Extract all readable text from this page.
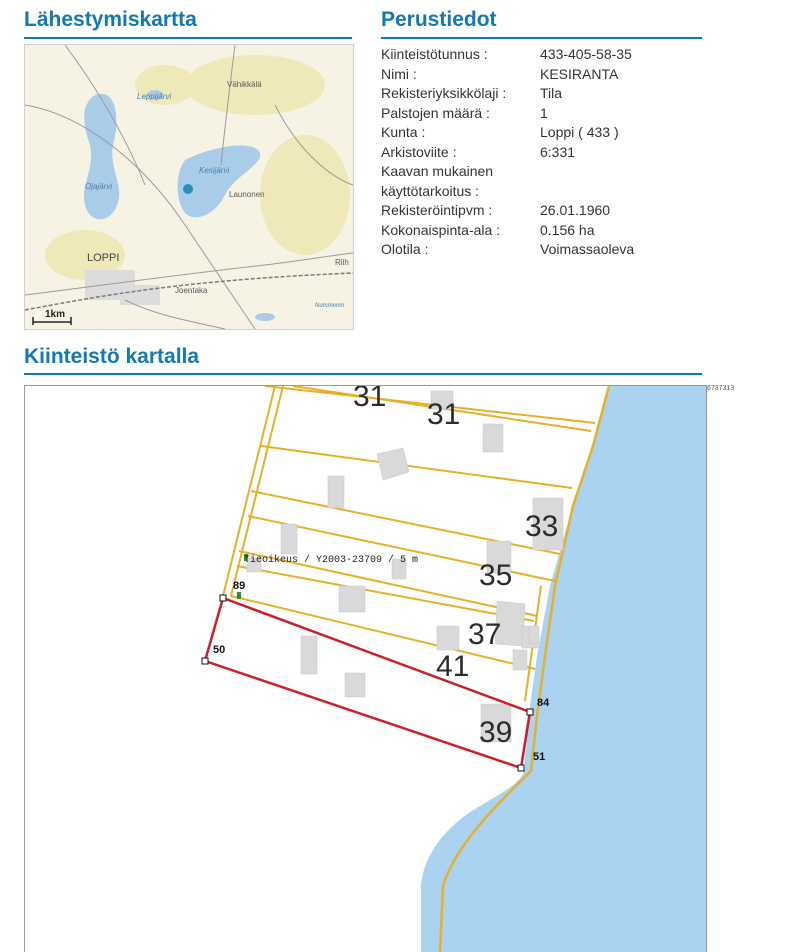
Lähestymiskartta
Vähikkälä
Leppijärvi
Kesijärvi
Ojajärvi
Launonen
LOPPI
Joentaka
Riih
Nummenm
1km
Perustiedot
Kiinteistötunnus :	433-405-58-35
Nimi :	KESIRANTA
Rekisteriyksikkölaji :	Tila
Palstojen määrä :	1
Kunta :	Loppi ( 433 )
Arkistoviite :	6:331
Kaavan mukainen
käyttötarkoitus :
Rekisteröintipvm :	26.01.1960
Kokonaispinta-ala :	0.156 ha
Olotila :	Voimassaoleva
Kiinteistö kartalla
6737313
31
31
33
35
37
41
39
Tieoikeus / Y2003-23709 / 5 m
89
50
84
51
